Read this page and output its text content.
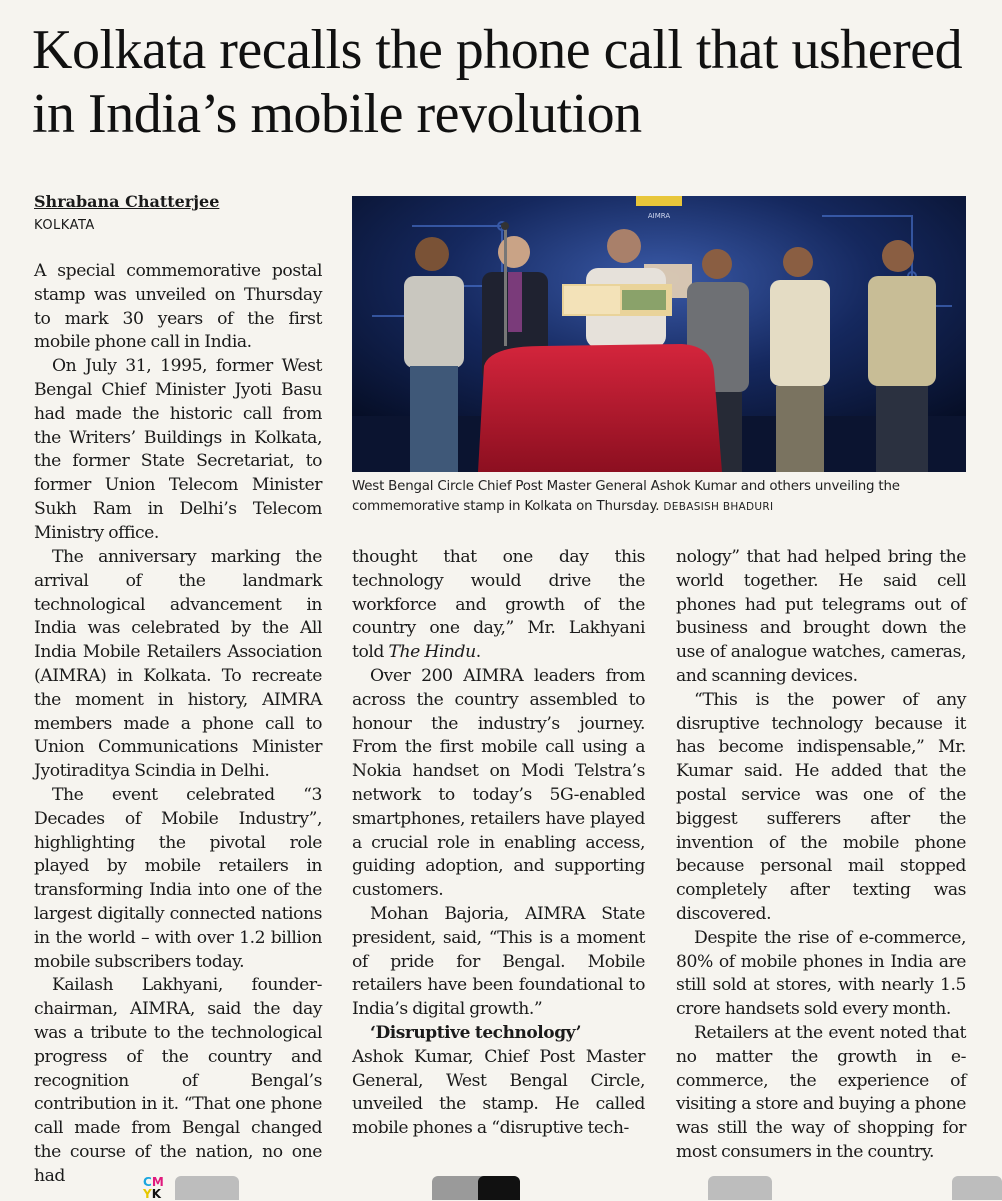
Kolkata recalls the phone call that ushered in India’s mobile revolution
Shrabana Chatterjee
KOLKATA

A special commemorative postal stamp was unveiled on Thursday to mark 30 years of the first mobile phone call in India.

On July 31, 1995, former West Bengal Chief Minister Jyoti Basu had made the historic call from the Writers’ Buildings in Kolkata, the former State Secretariat, to former Union Telecom Minister Sukh Ram in Delhi’s Telecom Ministry office.

AIMRA
West Bengal Circle Chief Post Master General Ashok Kumar and others unveiling the commemorative stamp in Kolkata on Thursday. DEBASISH BHADURI

The anniversary marking the arrival of the landmark technological advancement in India was celebrated by the All India Mobile Retailers Association (AIMRA) in Kolkata. To recreate the moment in history, AIMRA members made a phone call to Union Communications Minister Jyotiraditya Scindia in Delhi.

The event celebrated “3 Decades of Mobile Industry”, highlighting the pivotal role played by mobile retailers in transforming India into one of the largest digitally connected nations in the world – with over 1.2 billion mobile subscribers today.

Kailash Lakhyani, founder-chairman, AIMRA, said the day was a tribute to the technological progress of the country and recognition of Bengal’s contribution in it. “That one phone call made from Bengal changed the course of the nation, no one had

thought that one day this technology would drive the workforce and growth of the country one day,” Mr. Lakhyani told The Hindu.

Over 200 AIMRA leaders from across the country assembled to honour the industry’s journey. From the first mobile call using a Nokia handset on Modi Telstra’s network to today’s 5G-enabled smartphones, retailers have played a crucial role in enabling access, guiding adoption, and supporting customers.

Mohan Bajoria, AIMRA State president, said, “This is a moment of pride for Bengal. Mobile retailers have been foundational to India’s digital growth.”

‘Disruptive technology’

Ashok Kumar, Chief Post Master General, West Bengal Circle, unveiled the stamp. He called mobile phones a “disruptive tech-

nology” that had helped bring the world together. He said cell phones had put telegrams out of business and brought down the use of analogue watches, cameras, and scanning devices.

“This is the power of any disruptive technology because it has become indispensable,” Mr. Kumar said. He added that the postal service was one of the biggest sufferers after the invention of the mobile phone because personal mail stopped completely after texting was discovered.

Despite the rise of e-commerce, 80% of mobile phones in India are still sold at stores, with nearly 1.5 crore handsets sold every month.

Retailers at the event noted that no matter the growth in e-commerce, the experience of visiting a store and buying a phone was still the way of shopping for most consumers in the country.

CM
YK
